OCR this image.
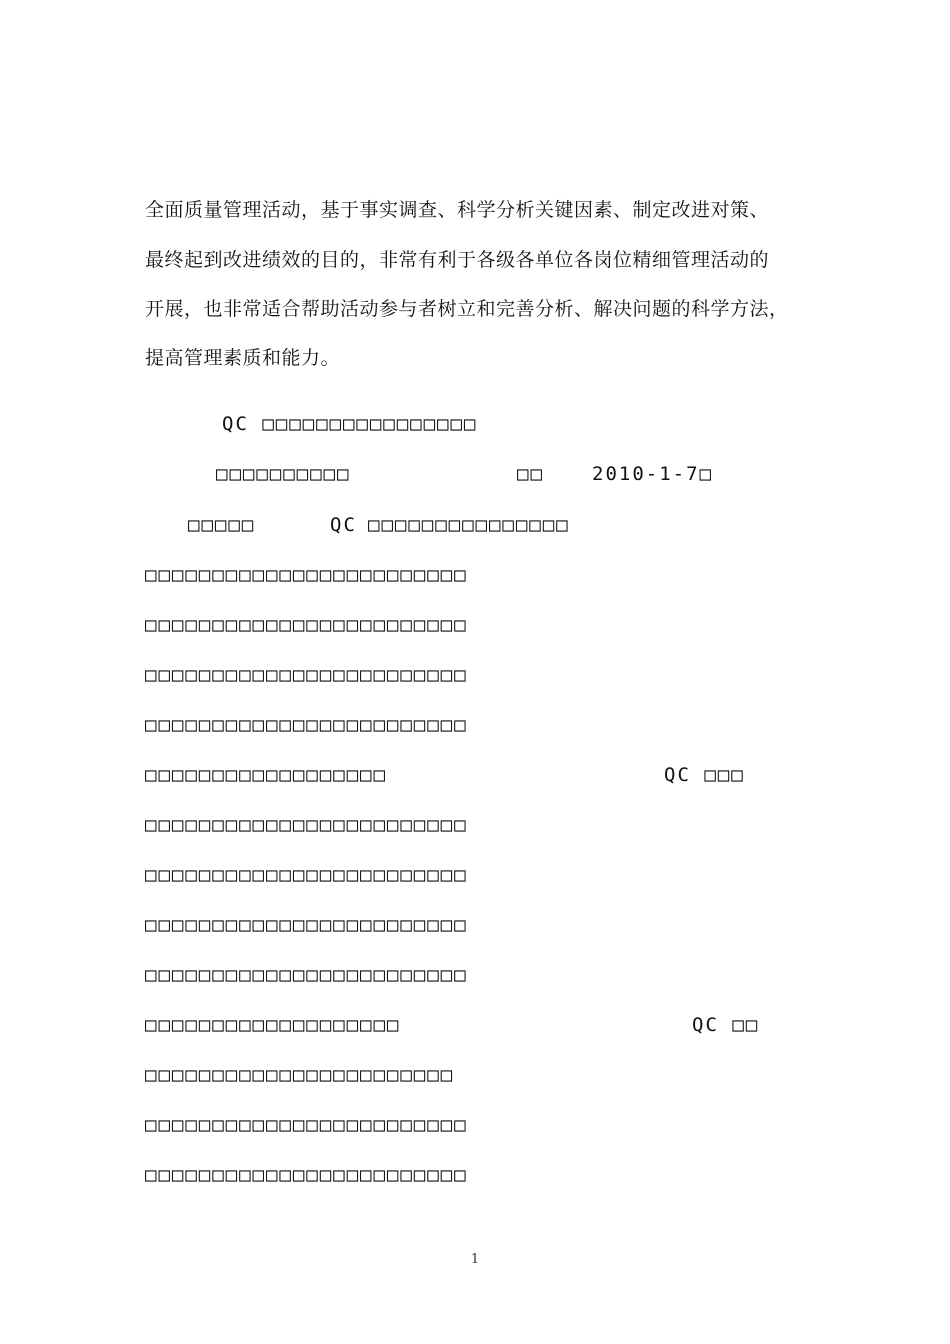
全面质量管理活动，基于事实调查、科学分析关键因素、制定改进对策、
最终起到改进绩效的目的，非常有利于各级各单位各岗位精细管理活动的
开展，也非常适合帮助活动参与者树立和完善分析、解决问题的科学方法，
提高管理素质和能力。
QC □□□□□□□□□□□□□□□□
□□□□□□□□□□	□□	2010-1-7□
□□□□□	QC □□□□□□□□□□□□□□□
□□□□□□□□□□□□□□□□□□□□□□□□
□□□□□□□□□□□□□□□□□□□□□□□□
□□□□□□□□□□□□□□□□□□□□□□□□
□□□□□□□□□□□□□□□□□□□□□□□□
□□□□□□□□□□□□□□□□□□	QC □□□
□□□□□□□□□□□□□□□□□□□□□□□□
□□□□□□□□□□□□□□□□□□□□□□□□
□□□□□□□□□□□□□□□□□□□□□□□□
□□□□□□□□□□□□□□□□□□□□□□□□
□□□□□□□□□□□□□□□□□□□	QC □□
□□□□□□□□□□□□□□□□□□□□□□□
□□□□□□□□□□□□□□□□□□□□□□□□
□□□□□□□□□□□□□□□□□□□□□□□□
1
